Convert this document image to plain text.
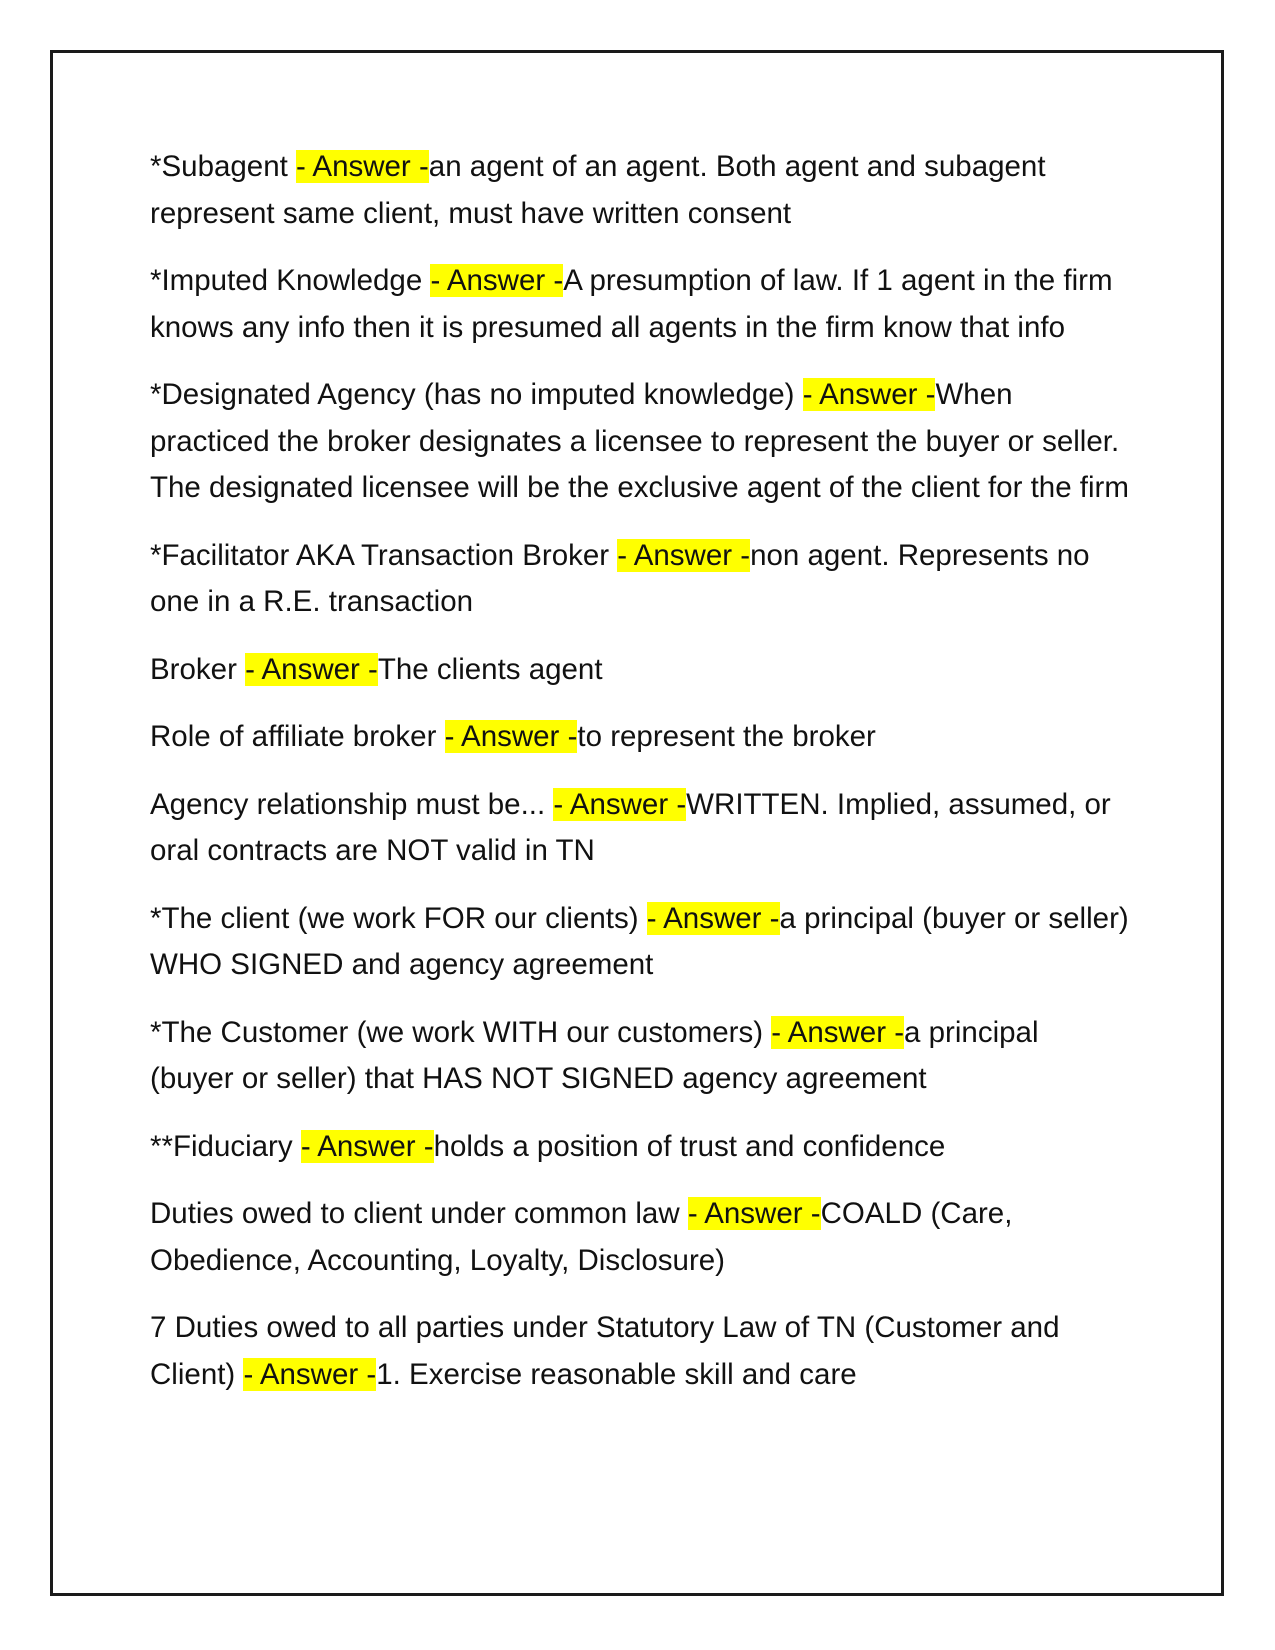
*Subagent - Answer -an agent of an agent. Both agent and subagent represent same client, must have written consent

*Imputed Knowledge - Answer -A presumption of law. If 1 agent in the firm knows any info then it is presumed all agents in the firm know that info

*Designated Agency (has no imputed knowledge) - Answer -When practiced the broker designates a licensee to represent the buyer or seller. The designated licensee will be the exclusive agent of the client for the firm

*Facilitator AKA Transaction Broker - Answer -non agent. Represents no one in a R.E. transaction

Broker - Answer -The clients agent

Role of affiliate broker - Answer -to represent the broker

Agency relationship must be... - Answer -WRITTEN. Implied, assumed, or oral contracts are NOT valid in TN

*The client (we work FOR our clients) - Answer -a principal (buyer or seller) WHO SIGNED and agency agreement

*The Customer (we work WITH our customers) - Answer -a principal (buyer or seller) that HAS NOT SIGNED agency agreement

**Fiduciary - Answer -holds a position of trust and confidence

Duties owed to client under common law - Answer -COALD (Care, Obedience, Accounting, Loyalty, Disclosure)

7 Duties owed to all parties under Statutory Law of TN (Customer and Client) - Answer -1. Exercise reasonable skill and care
